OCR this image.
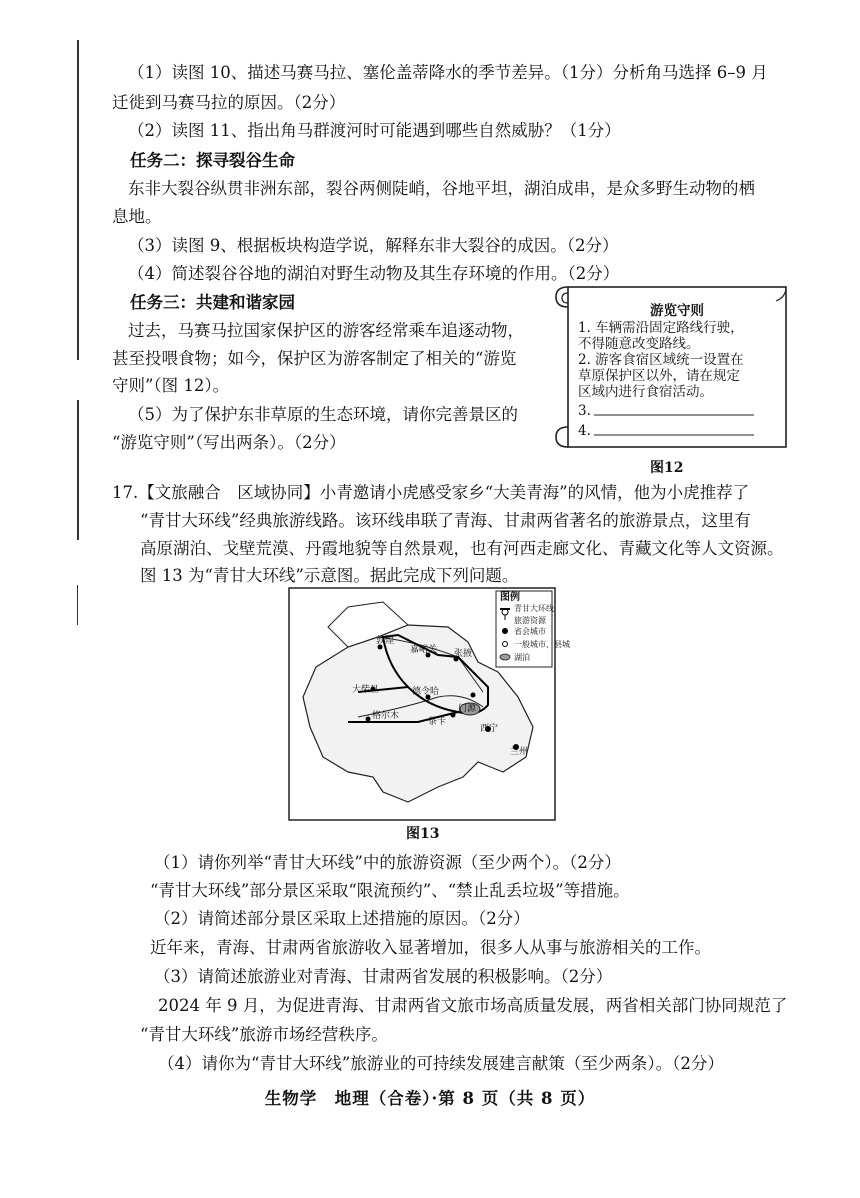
（1）读图 10、描述马赛马拉、塞伦盖蒂降水的季节差异。（1分）分析角马选择 6–9 月
迁徙到马赛马拉的原因。（2分）
（2）读图 11、指出角马群渡河时可能遇到哪些自然威胁？（1分）
任务二：探寻裂谷生命
东非大裂谷纵贯非洲东部，裂谷两侧陡峭，谷地平坦，湖泊成串，是众多野生动物的栖
息地。
（3）读图 9、根据板块构造学说，解释东非大裂谷的成因。（2分）
（4）简述裂谷谷地的湖泊对野生动物及其生存环境的作用。（2分）
任务三：共建和谐家园
过去，马赛马拉国家保护区的游客经常乘车追逐动物，
甚至投喂食物；如今，保护区为游客制定了相关的“游览
守则”（图 12）。
（5）为了保护东非草原的生态环境，请你完善景区的
“游览守则”（写出两条）。（2分）
游览守则
1. 车辆需沿固定路线行驶，
不得随意改变路线。
2. 游客食宿区域统一设置在
草原保护区以外，请在规定
区域内进行食宿活动。
3.
4.
图12
17.【文旅融合　区域协同】小青邀请小虎感受家乡“大美青海”的风情，他为小虎推荐了
“青甘大环线”经典旅游线路。该环线串联了青海、甘肃两省著名的旅游景点，这里有
高原湖泊、戈壁荒漠、丹霞地貌等自然景观，也有河西走廊文化、青藏文化等人文资源。
图 13 为“青甘大环线”示意图。据此完成下列问题。
图例
青甘大环线
旅游资源
省会城市
一般城市、县城
湖泊
敦煌
嘉峪关 张掖
大柴旦	德令哈
格尔木
茶卡
门源
西宁
兰州
图13
（1）请你列举“青甘大环线”中的旅游资源（至少两个）。（2分）
“青甘大环线”部分景区采取“限流预约”、“禁止乱丢垃圾”等措施。
（2）请简述部分景区采取上述措施的原因。（2分）
近年来，青海、甘肃两省旅游收入显著增加，很多人从事与旅游相关的工作。
（3）请简述旅游业对青海、甘肃两省发展的积极影响。（2分）
2024 年 9 月，为促进青海、甘肃两省文旅市场高质量发展，两省相关部门协同规范了
“青甘大环线”旅游市场经营秩序。
（4）请你为“青甘大环线”旅游业的可持续发展建言献策（至少两条）。（2分）
生物学　地理（合卷）·第 8 页（共 8 页）
